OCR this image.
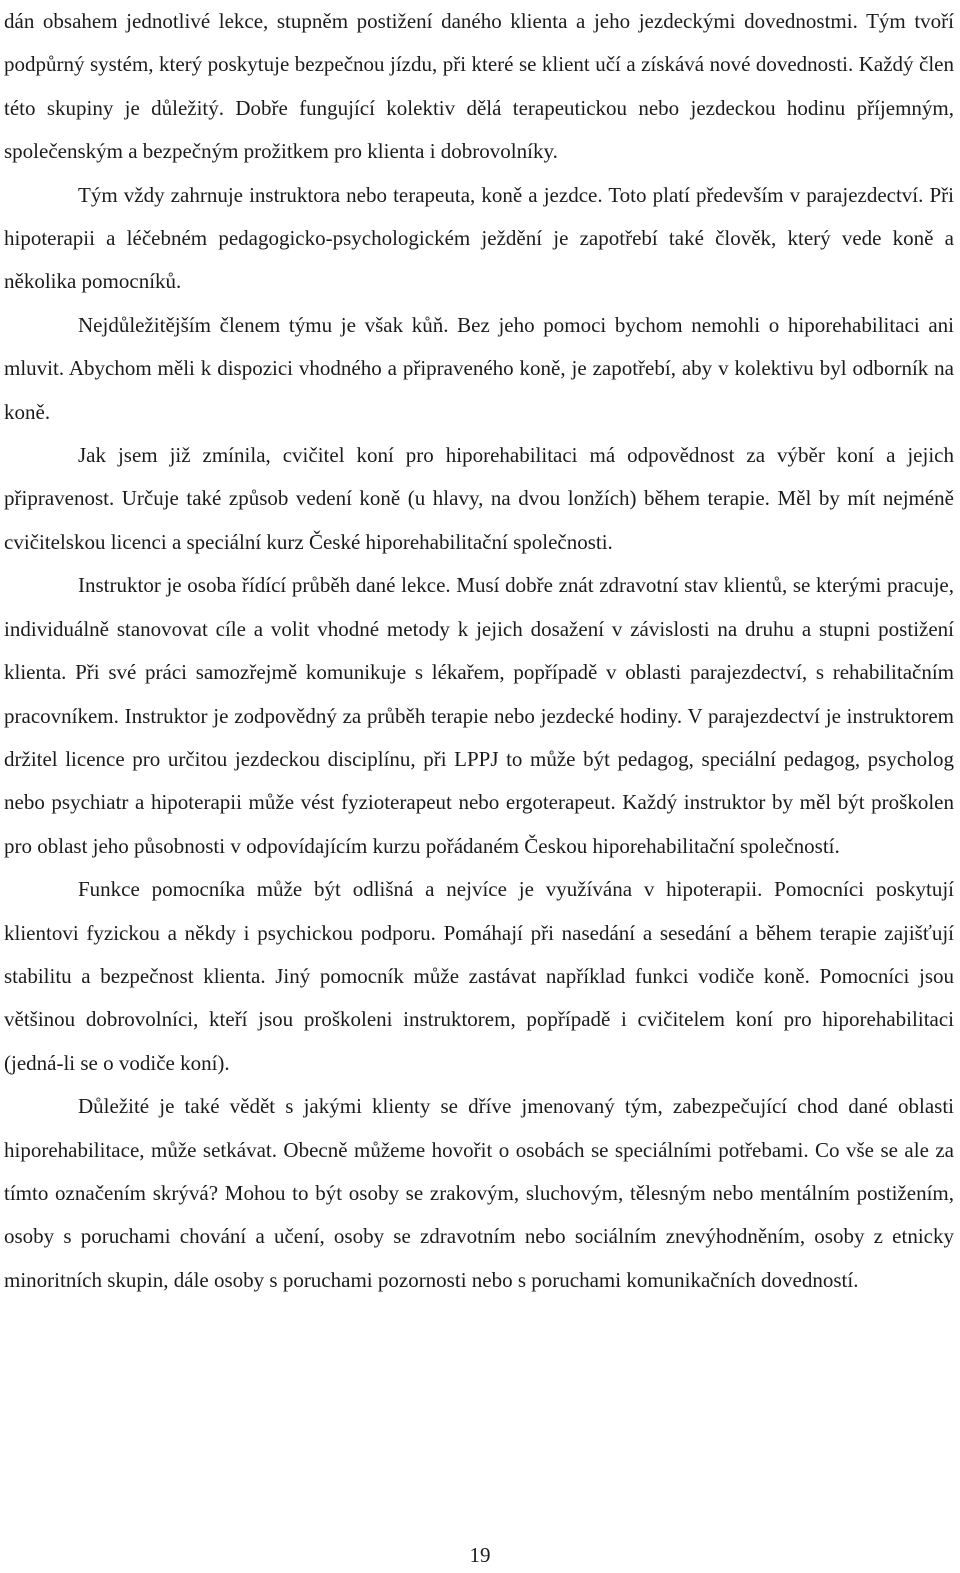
dán obsahem jednotlivé lekce, stupněm postižení daného klienta a jeho jezdeckými dovednostmi. Tým tvoří podpůrný systém, který poskytuje bezpečnou jízdu, při které se klient učí a získává nové dovednosti. Každý člen této skupiny je důležitý. Dobře fungující kolektiv dělá terapeutickou nebo jezdeckou hodinu příjemným, společenským a bezpečným prožitkem pro klienta i dobrovolníky.

Tým vždy zahrnuje instruktora nebo terapeuta, koně a jezdce. Toto platí především v parajezdectví. Při hipoterapii a léčebném pedagogicko-psychologickém ježdění je zapotřebí také člověk, který vede koně a několika pomocníků.

Nejdůležitějším členem týmu je však kůň. Bez jeho pomoci bychom nemohli o hiporehabilitaci ani mluvit. Abychom měli k dispozici vhodného a připraveného koně, je zapotřebí, aby v kolektivu byl odborník na koně.

Jak jsem již zmínila, cvičitel koní pro hiporehabilitaci má odpovědnost za výběr koní a jejich připravenost. Určuje také způsob vedení koně (u hlavy, na dvou lonžích) během terapie. Měl by mít nejméně cvičitelskou licenci a speciální kurz České hiporehabilitační společnosti.

Instruktor je osoba řídící průběh dané lekce. Musí dobře znát zdravotní stav klientů, se kterými pracuje, individuálně stanovovat cíle a volit vhodné metody k jejich dosažení v závislosti na druhu a stupni postižení klienta. Při své práci samozřejmě komunikuje s lékařem, popřípadě v oblasti parajezdectví, s rehabilitačním pracovníkem. Instruktor je zodpovědný za průběh terapie nebo jezdecké hodiny. V parajezdectví je instruktorem držitel licence pro určitou jezdeckou disciplínu, při LPPJ to může být pedagog, speciální pedagog, psycholog nebo psychiatr a hipoterapii může vést fyzioterapeut nebo ergoterapeut. Každý instruktor by měl být proškolen pro oblast jeho působnosti v odpovídajícím kurzu pořádaném Českou hiporehabilitační společností.

Funkce pomocníka může být odlišná a nejvíce je využívána v hipoterapii. Pomocníci poskytují klientovi fyzickou a někdy i psychickou podporu. Pomáhají při nasedání a sesedání a během terapie zajišťují stabilitu a bezpečnost klienta. Jiný pomocník může zastávat například funkci vodiče koně. Pomocníci jsou většinou dobrovolníci, kteří jsou proškoleni instruktorem, popřípadě i cvičitelem koní pro hiporehabilitaci (jedná-li se o vodiče koní).

Důležité je také vědět s jakými klienty se dříve jmenovaný tým, zabezpečující chod dané oblasti hiporehabilitace, může setkávat. Obecně můžeme hovořit o osobách se speciálními potřebami. Co vše se ale za tímto označením skrývá? Mohou to být osoby se zrakovým, sluchovým, tělesným nebo mentálním postižením, osoby s poruchami chování a učení, osoby se zdravotním nebo sociálním znevýhodněním, osoby z etnicky minoritních skupin, dále osoby s poruchami pozornosti nebo s poruchami komunikačních dovedností.

19
